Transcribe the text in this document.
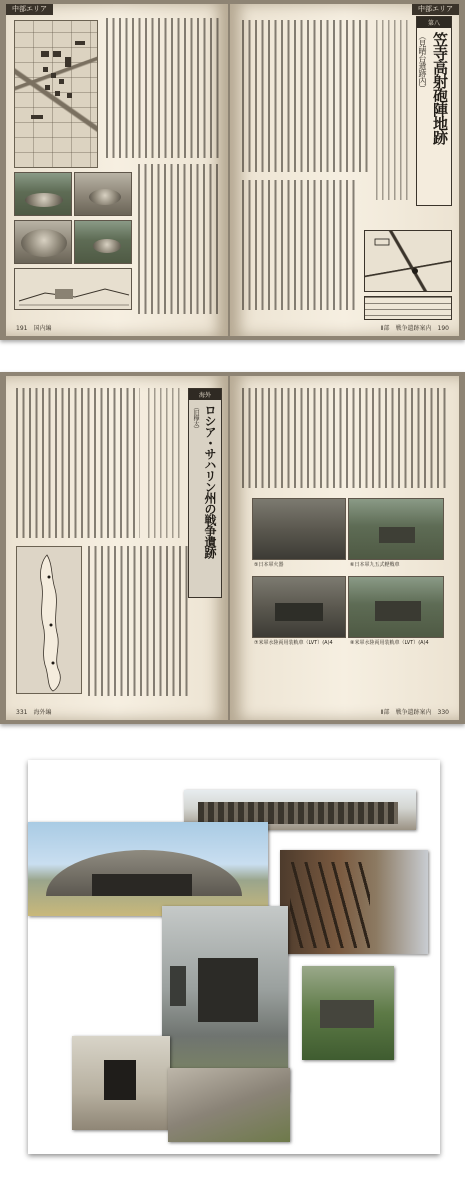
中部エリア
191　国内編
中部エリア
第八
笠寺高射砲陣地跡
（見晴台遺跡内）
Ⅱ部　戦争遺跡案内　190
海外
ロシア・サハリン州の戦争遺跡
（旧樺太）
331　海外編
⑤日本軍火器	⑥日本軍九五式軽戦車
⑦米軍水陸両用装軌車（LVT）(A)4	⑧米軍水陸両用装軌車（LVT）(A)4
Ⅱ部　戦争遺跡案内　330
